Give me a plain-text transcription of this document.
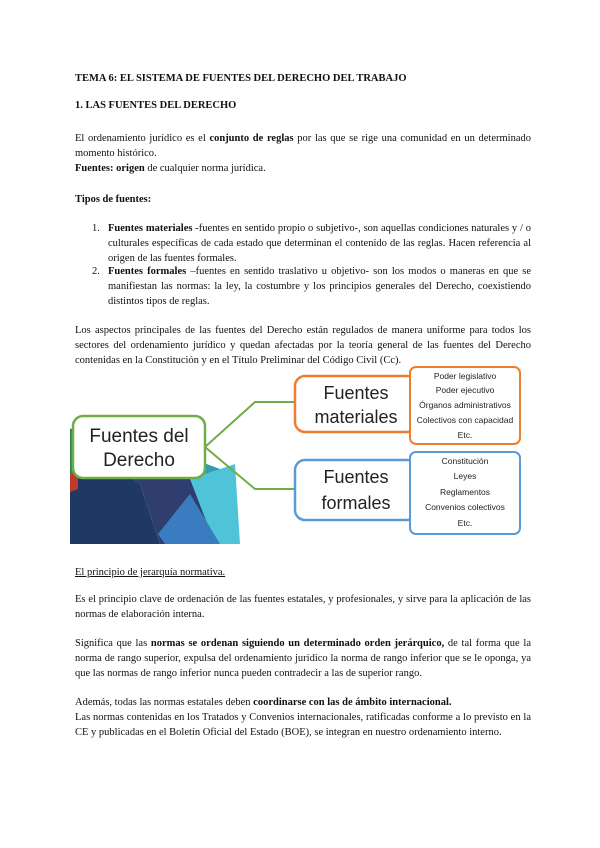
TEMA 6: EL SISTEMA DE FUENTES DEL DERECHO DEL TRABAJO
1. LAS FUENTES DEL DERECHO
El ordenamiento jurídico es el conjunto de reglas por las que se rige una comunidad en un determinado momento histórico.
Fuentes: origen de cualquier norma jurídica.
Tipos de fuentes:
1. Fuentes materiales -fuentes en sentido propio o subjetivo-, son aquellas condiciones naturales y / o culturales específicas de cada estado que determinan el contenido de las reglas. Hacen referencia al origen de las fuentes formales.
2. Fuentes formales –fuentes en sentido traslativo u objetivo- son los modos o maneras en que se manifiestan las normas: la ley, la costumbre y los principios generales del Derecho, coexistiendo distintos tipos de reglas.
Los aspectos principales de las fuentes del Derecho están regulados de manera uniforme para todos los sectores del ordenamiento jurídico y quedan afectadas por la teoría general de las fuentes del Derecho contenidas en la Constitución y en el Título Preliminar del Código Civil (Cc).
Fuentes del
Derecho
Fuentes
materiales
Poder legislativo
Poder ejecutivo
Órganos administrativos
Colectivos con capacidad
Etc.
Fuentes
formales
Constitución
Leyes
Reglamentos
Convenios colectivos
Etc.
El principio de jerarquía normativa.
Es el principio clave de ordenación de las fuentes estatales, y profesionales, y sirve para la aplicación de las normas de elaboración interna.
Significa que las normas se ordenan siguiendo un determinado orden jerárquico, de tal forma que la norma de rango superior, expulsa del ordenamiento jurídico la norma de rango inferior que se le oponga, ya que las normas de rango inferior nunca pueden contradecir a las de superior rango.
Además, todas las normas estatales deben coordinarse con las de ámbito internacional.
Las normas contenidas en los Tratados y Convenios internacionales, ratificadas conforme a lo previsto en la CE y publicadas en el Boletín Oficial del Estado (BOE), se integran en nuestro ordenamiento interno.
